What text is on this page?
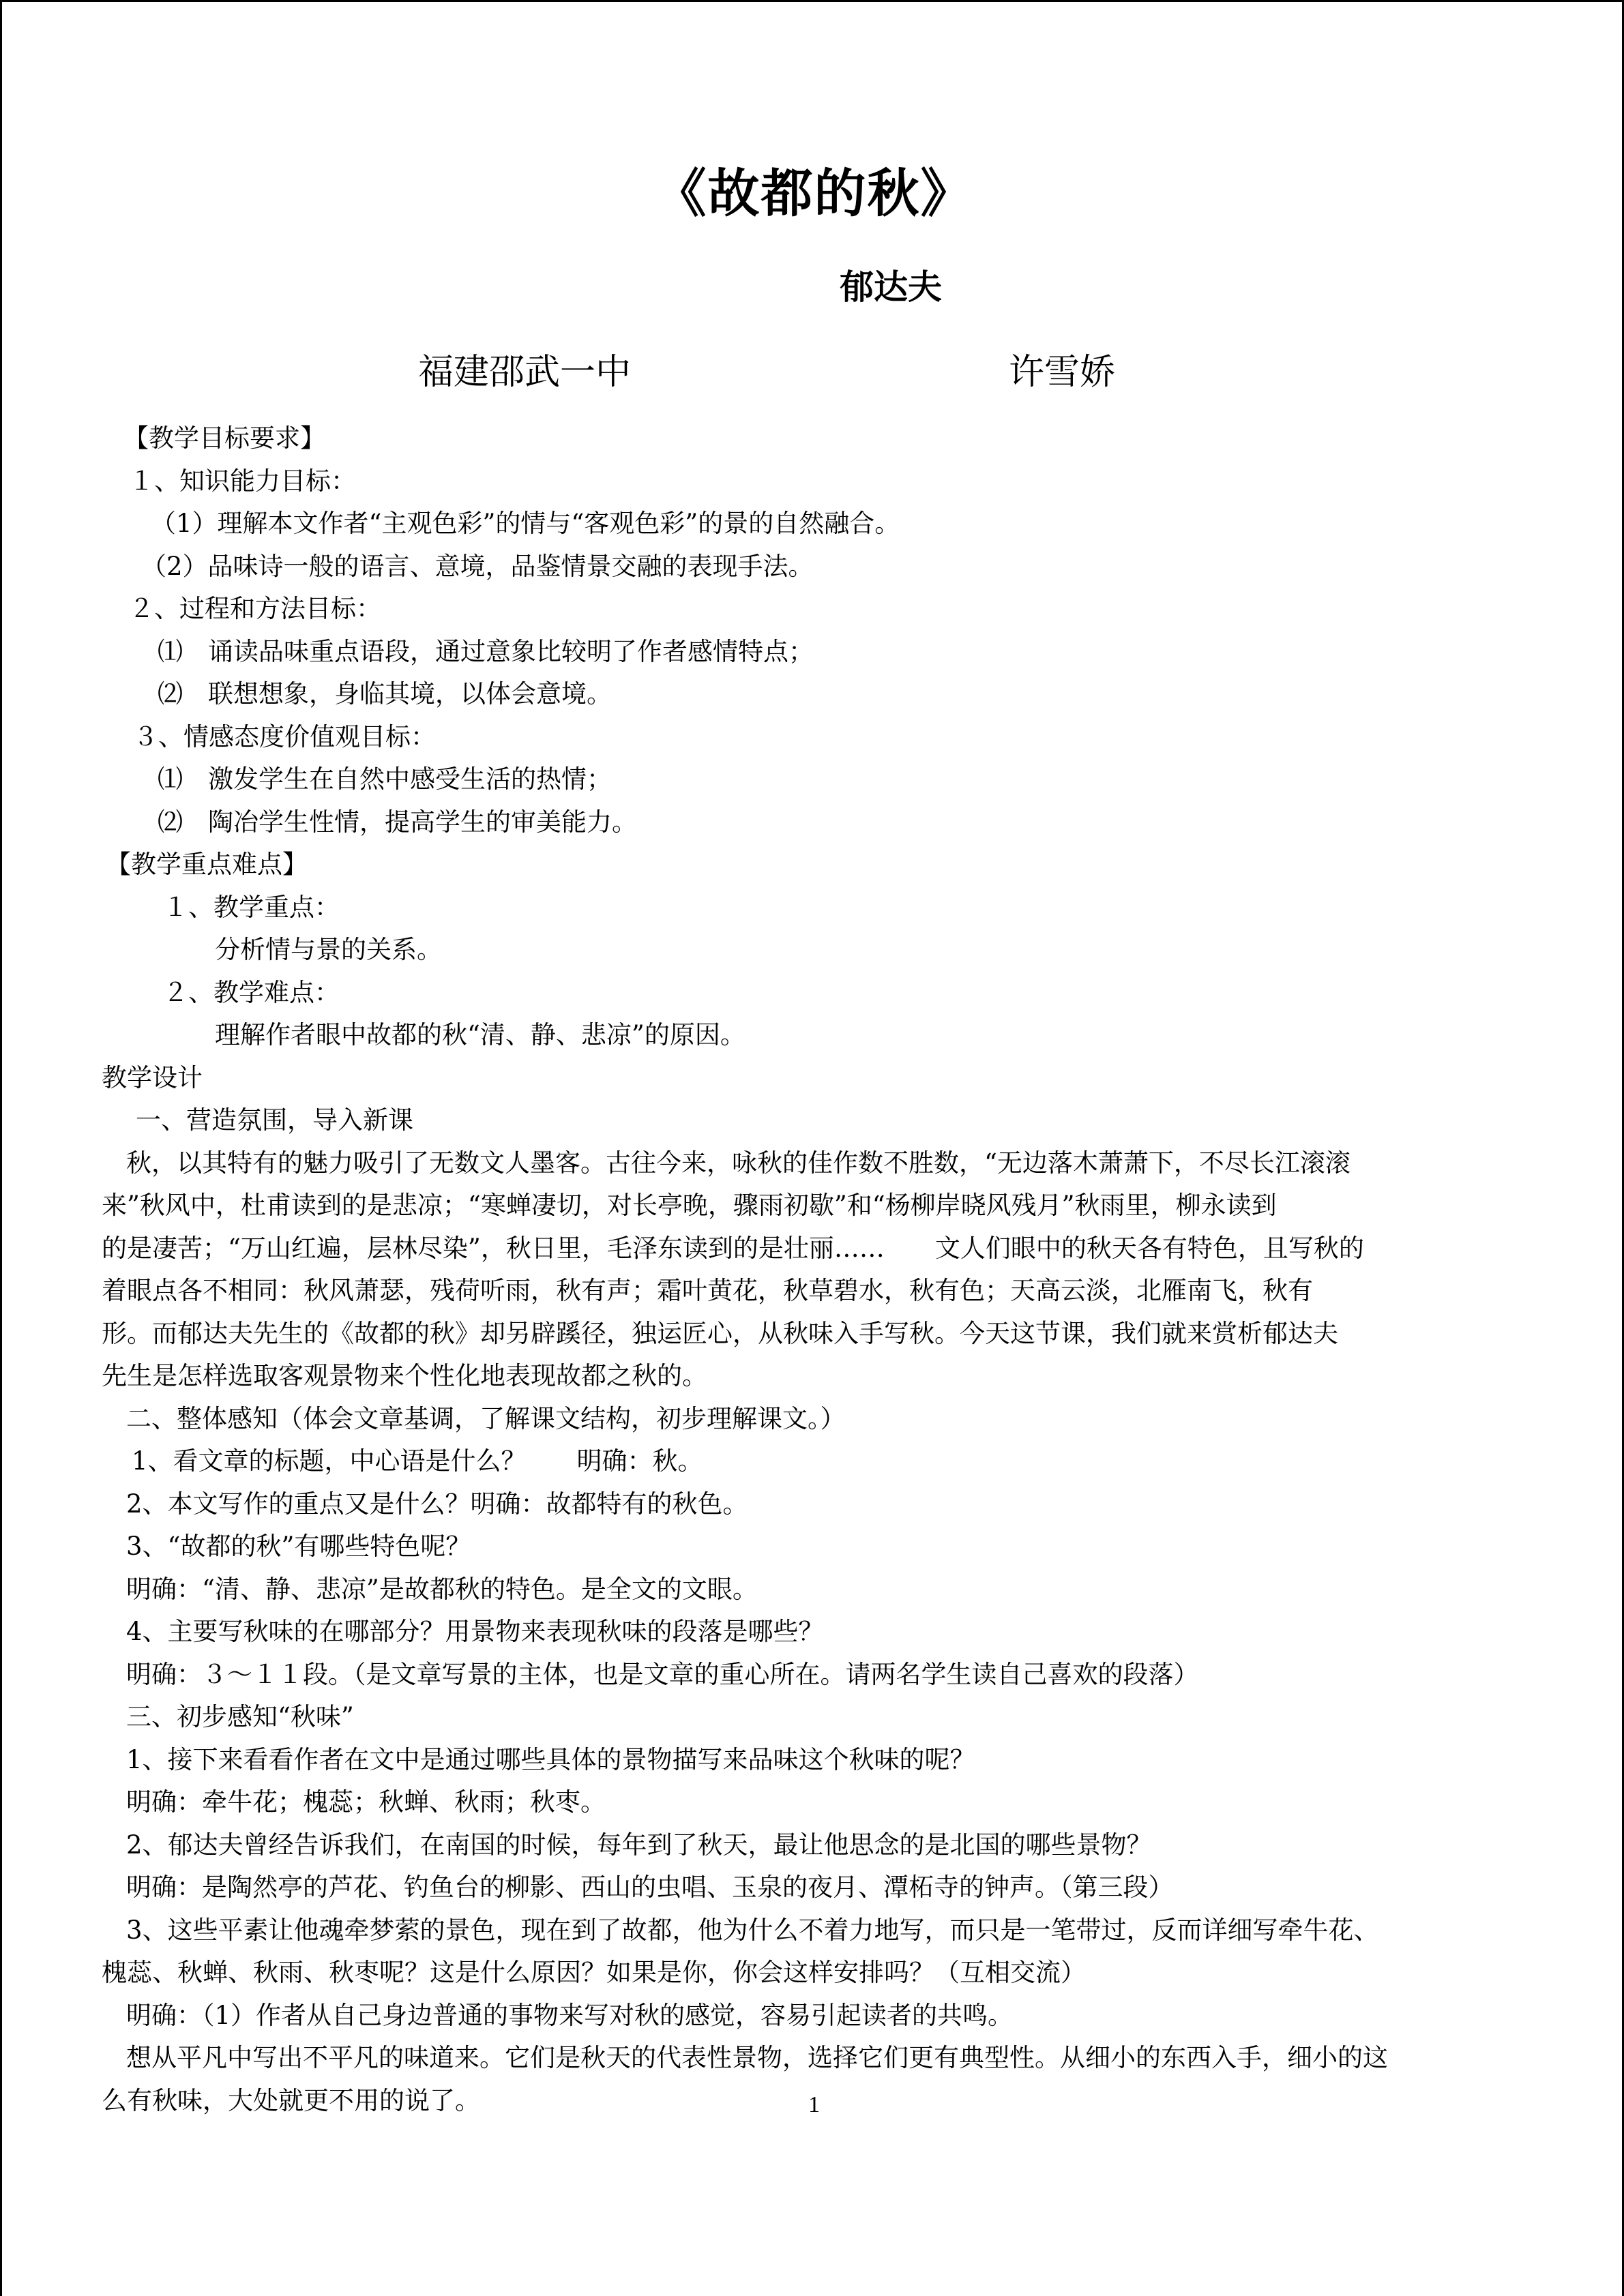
《故都的秋》
郁达夫
福建邵武一中	许雪娇
【教学目标要求】
１、知识能力目标：
（1）理解本文作者“主观色彩”的情与“客观色彩”的景的自然融合。
（2）品味诗一般的语言、意境，品鉴情景交融的表现手法。
２、过程和方法目标：
⑴　诵读品味重点语段，通过意象比较明了作者感情特点；
⑵　联想想象，身临其境，以体会意境。
３、情感态度价值观目标：
⑴　激发学生在自然中感受生活的热情；
⑵　陶冶学生性情，提高学生的审美能力。
【教学重点难点】
１、教学重点：
分析情与景的关系。
２、教学难点：
理解作者眼中故都的秋“清、静、悲凉”的原因。
教学设计
一、营造氛围，导入新课
秋，以其特有的魅力吸引了无数文人墨客。古往今来，咏秋的佳作数不胜数，“无边落木萧萧下，不尽长江滚滚
来”秋风中，杜甫读到的是悲凉；“寒蝉凄切，对长亭晚，骤雨初歇”和“杨柳岸晓风残月”秋雨里，柳永读到
的是凄苦；“万山红遍，层林尽染”，秋日里，毛泽东读到的是壮丽……　　文人们眼中的秋天各有特色，且写秋的
着眼点各不相同：秋风萧瑟，残荷听雨，秋有声；霜叶黄花，秋草碧水，秋有色；天高云淡，北雁南飞，秋有
形。而郁达夫先生的《故都的秋》却另辟蹊径，独运匠心，从秋味入手写秋。今天这节课，我们就来赏析郁达夫
先生是怎样选取客观景物来个性化地表现故都之秋的。
二、整体感知（体会文章基调，了解课文结构，初步理解课文。）
1、看文章的标题，中心语是什么？　　明确：秋。
2、本文写作的重点又是什么？明确：故都特有的秋色。
3、“故都的秋”有哪些特色呢？
明确：“清、静、悲凉”是故都秋的特色。是全文的文眼。
4、主要写秋味的在哪部分？用景物来表现秋味的段落是哪些？
明确：３～１１段。（是文章写景的主体，也是文章的重心所在。请两名学生读自己喜欢的段落）
三、初步感知“秋味”
1、接下来看看作者在文中是通过哪些具体的景物描写来品味这个秋味的呢？
明确：牵牛花；槐蕊；秋蝉、秋雨；秋枣。
2、郁达夫曾经告诉我们，在南国的时候，每年到了秋天，最让他思念的是北国的哪些景物？
明确：是陶然亭的芦花、钓鱼台的柳影、西山的虫唱、玉泉的夜月、潭柘寺的钟声。（第三段）
3、这些平素让他魂牵梦萦的景色，现在到了故都，他为什么不着力地写，而只是一笔带过，反而详细写牵牛花、
槐蕊、秋蝉、秋雨、秋枣呢？这是什么原因？如果是你，你会这样安排吗？（互相交流）
明确：（1）作者从自己身边普通的事物来写对秋的感觉，容易引起读者的共鸣。
想从平凡中写出不平凡的味道来。它们是秋天的代表性景物，选择它们更有典型性。从细小的东西入手，细小的这
么有秋味，大处就更不用的说了。	1
